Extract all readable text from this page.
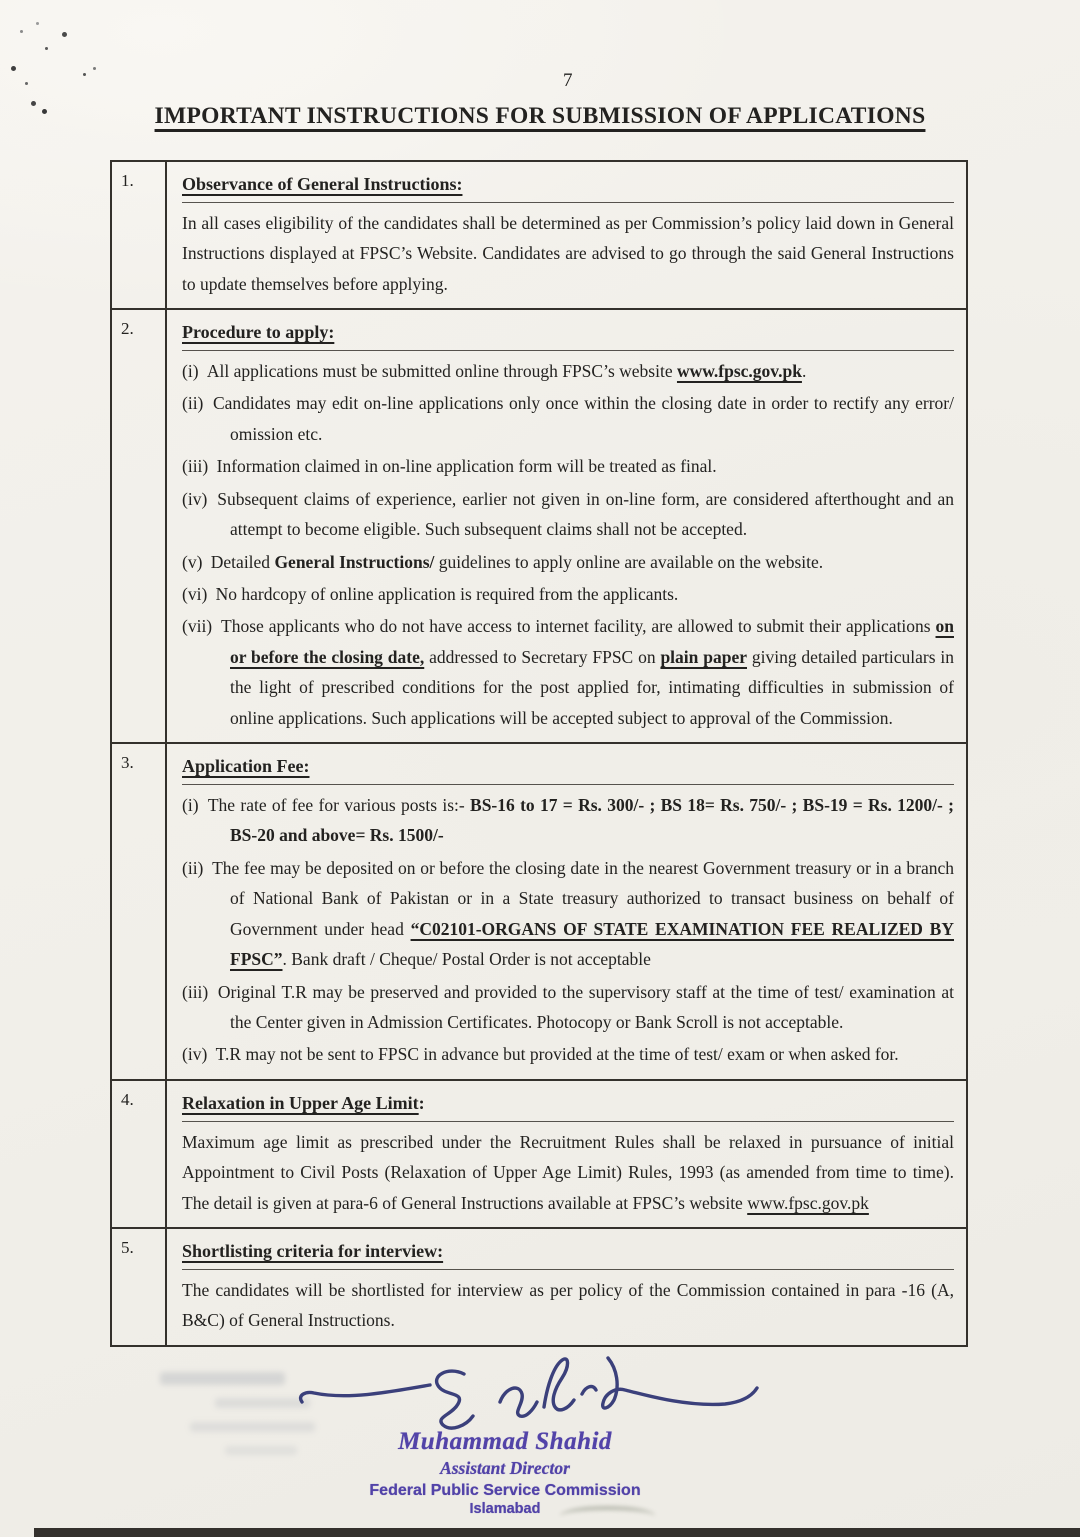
7
IMPORTANT INSTRUCTIONS FOR SUBMISSION OF APPLICATIONS
1.	Observance of General Instructions:
In all cases eligibility of the candidates shall be determined as per Commission’s policy laid down in General Instructions displayed at FPSC’s Website. Candidates are advised to go through the said General Instructions to update themselves before applying.

2.	Procedure to apply:
(i) All applications must be submitted online through FPSC’s website www.fpsc.gov.pk.
(ii) Candidates may edit on-line applications only once within the closing date in order to rectify any error/ omission etc.
(iii) Information claimed in on-line application form will be treated as final.
(iv) Subsequent claims of experience, earlier not given in on-line form, are considered afterthought and an attempt to become eligible. Such subsequent claims shall not be accepted.
(v) Detailed General Instructions/ guidelines to apply online are available on the website.
(vi) No hardcopy of online application is required from the applicants.
(vii) Those applicants who do not have access to internet facility, are allowed to submit their applications on or before the closing date, addressed to Secretary FPSC on plain paper giving detailed particulars in the light of prescribed conditions for the post applied for, intimating difficulties in submission of online applications. Such applications will be accepted subject to approval of the Commission.

3.	Application Fee:
(i) The rate of fee for various posts is:- BS-16 to 17 = Rs. 300/- ; BS 18= Rs. 750/- ; BS-19 = Rs. 1200/- ; BS-20 and above= Rs. 1500/-
(ii) The fee may be deposited on or before the closing date in the nearest Government treasury or in a branch of National Bank of Pakistan or in a State treasury authorized to transact business on behalf of Government under head “C02101-ORGANS OF STATE EXAMINATION FEE REALIZED BY FPSC”. Bank draft / Cheque/ Postal Order is not acceptable
(iii) Original T.R may be preserved and provided to the supervisory staff at the time of test/ examination at the Center given in Admission Certificates. Photocopy or Bank Scroll is not acceptable.
(iv) T.R may not be sent to FPSC in advance but provided at the time of test/ exam or when asked for.

4.	Relaxation in Upper Age Limit:
Maximum age limit as prescribed under the Recruitment Rules shall be relaxed in pursuance of initial Appointment to Civil Posts (Relaxation of Upper Age Limit) Rules, 1993 (as amended from time to time). The detail is given at para-6 of General Instructions available at FPSC’s website www.fpsc.gov.pk

5.	Shortlisting criteria for interview:
The candidates will be shortlisted for interview as per policy of the Commission contained in para -16 (A, B&C) of General Instructions.
Muhammad Shahid
Assistant Director
Federal Public Service Commission
Islamabad
